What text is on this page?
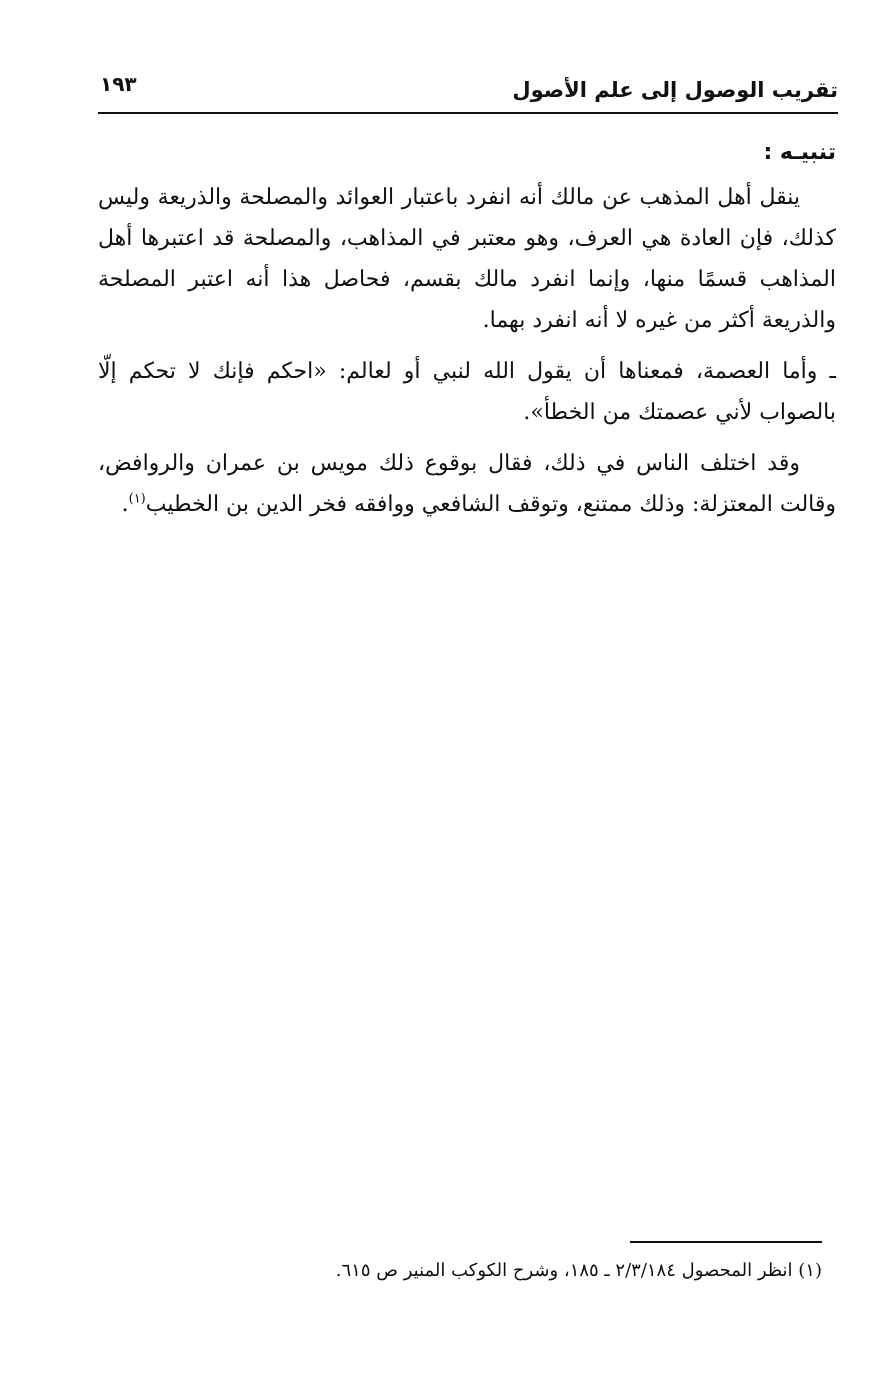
تقريب الوصول إلى علم الأصول
١٩٣
تنبيـه :

ينقل أهل المذهب عن مالك أنه انفرد باعتبار العوائد والمصلحة والذريعة وليس كذلك، فإن العادة هي العرف، وهو معتبر في المذاهب، والمصلحة قد اعتبرها أهل المذاهب قسمًا منها، وإنما انفرد مالك بقسم، فحاصل هذا أنه اعتبر المصلحة والذريعة أكثر من غيره لا أنه انفرد بهما.

ـ وأما العصمة، فمعناها أن يقول الله لنبي أو لعالم: «احكم فإنك لا تحكم إلّا بالصواب لأني عصمتك من الخطأ».

وقد اختلف الناس في ذلك، فقال بوقوع ذلك مويس بن عمران والروافض، وقالت المعتزلة: وذلك ممتنع، وتوقف الشافعي ووافقه فخر الدين بن الخطيب$^{(١)}$.

(١) انظر المحصول ٢/٣/١٨٤ ـ ١٨٥، وشرح الكوكب المنير ص ٦١٥.
